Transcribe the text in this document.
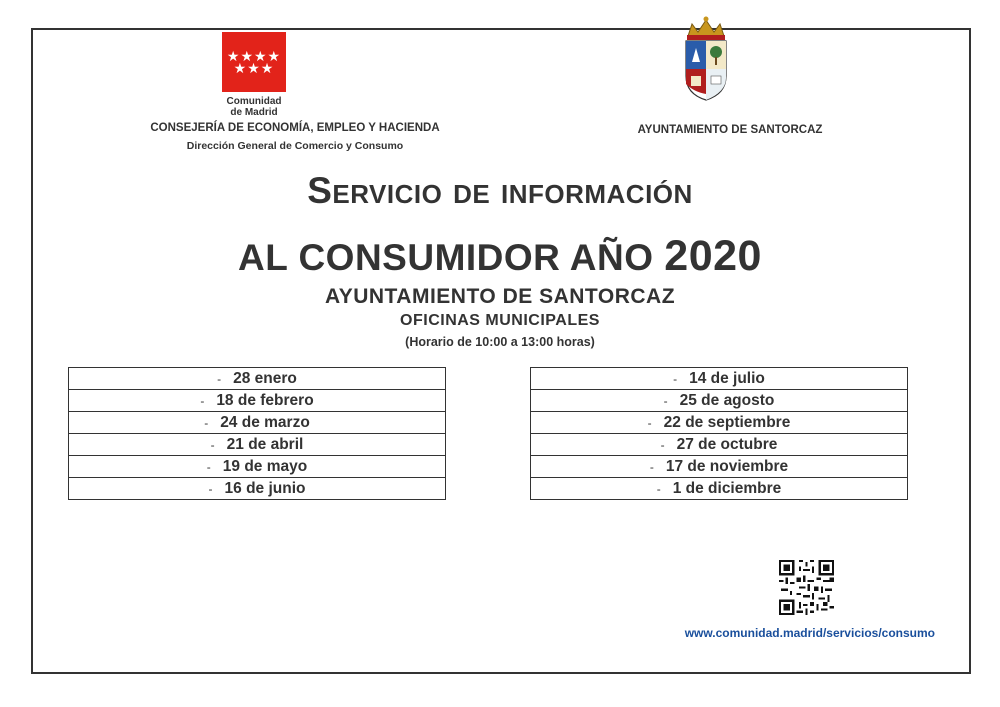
★★★★
★★★
Comunidad
de Madrid
CONSEJERÍA DE ECONOMÍA, EMPLEO Y HACIENDA
Dirección General de Comercio y Consumo
AYUNTAMIENTO DE SANTORCAZ
Servicio de información
AL CONSUMIDOR AÑO 2020
AYUNTAMIENTO DE SANTORCAZ
OFICINAS MUNICIPALES
(Horario de 10:00 a 13:00 horas)
- 28 enero
- 18 de febrero
- 24 de marzo
- 21 de abril
- 19 de mayo
- 16 de junio
- 14 de julio
- 25 de agosto
- 22 de septiembre
- 27 de octubre
- 17 de noviembre
- 1 de diciembre
www.comunidad.madrid/servicios/consumo
